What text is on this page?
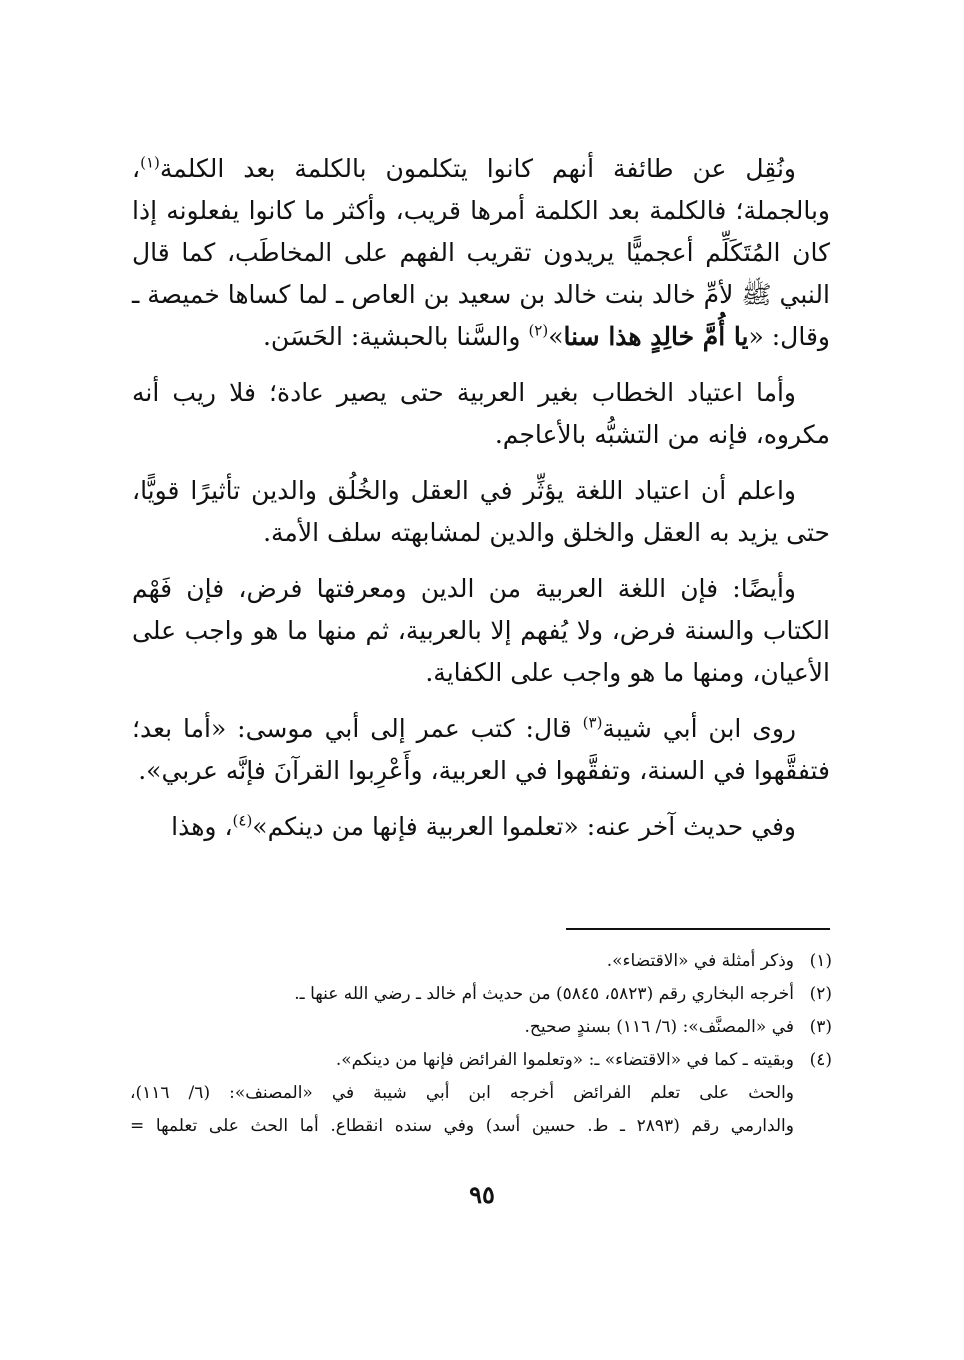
ونُقِل عن طائفة أنهم كانوا يتكلمون بالكلمة بعد الكلمة$^{(١)}$، وبالجملة؛ فالكلمة بعد الكلمة أمرها قريب، وأكثر ما كانوا يفعلونه إذا كان المُتَكَلِّم أعجميًّا يريدون تقريب الفهم على المخاطَب، كما قال النبي ﷺ لأمِّ خالد بنت خالد بن سعيد بن العاص ـ لما كساها خميصة ـ وقال: «يا أُمَّ خالِدٍ هذا سنا»$^{(٢)}$ والسَّنا بالحبشية: الحَسَن.

وأما اعتياد الخطاب بغير العربية حتى يصير عادة؛ فلا ريب أنه مكروه، فإنه من التشبُّه بالأعاجم.

واعلم أن اعتياد اللغة يؤثِّر في العقل والخُلُق والدين تأثيرًا قويًّا، حتى يزيد به العقل والخلق والدين لمشابهته سلف الأمة.

وأيضًا: فإن اللغة العربية من الدين ومعرفتها فرض، فإن فَهْم الكتاب والسنة فرض، ولا يُفهم إلا بالعربية، ثم منها ما هو واجب على الأعيان، ومنها ما هو واجب على الكفاية.

روى ابن أبي شيبة$^{(٣)}$ قال: كتب عمر إلى أبي موسى: «أما بعد؛ فتفقَّهوا في السنة، وتفقَّهوا في العربية، وأَعْرِبوا القرآنَ فإنَّه عربي».

وفي حديث آخر عنه: «تعلموا العربية فإنها من دينكم»$^{(٤)}$، وهذا

(١)وذكر أمثلة في «الاقتضاء».
(٢)أخرجه البخاري رقم (٥٨٢٣، ٥٨٤٥) من حديث أم خالد ـ رضي الله عنها ـ.
(٣)في «المصنَّف»: (٦/ ١١٦) بسندٍ صحيح.
(٤)وبقيته ـ كما في «الاقتضاء» ـ: «وتعلموا الفرائض فإنها من دينكم».
والحث على تعلم الفرائض أخرجه ابن أبي شيبة في «المصنف»: (٦/ ١١٦)،
والدارمي رقم (٢٨٩٣ ـ ط. حسين أسد) وفي سنده انقطاع. أما الحث على تعلمها =
٩٥
